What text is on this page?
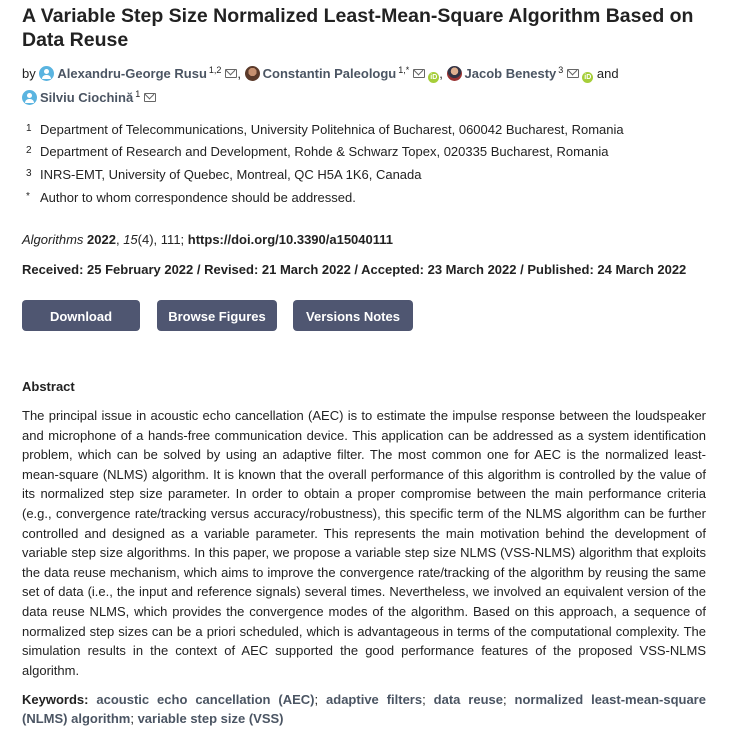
A Variable Step Size Normalized Least-Mean-Square Algorithm Based on Data Reuse
by Alexandru-George Rusu $^{1,2}$ , Constantin Paleologu $^{1,*}$iD , Jacob Benesty $^3$iD and
Silviu Ciochină $^1$
1 Department of Telecommunications, University Politehnica of Bucharest, 060042 Bucharest, Romania
2 Department of Research and Development, Rohde & Schwarz Topex, 020335 Bucharest, Romania
3 INRS-EMT, University of Quebec, Montreal, QC H5A 1K6, Canada
* Author to whom correspondence should be addressed.
Algorithms 2022, 15(4), 111; https://doi.org/10.3390/a15040111
Received: 25 February 2022 / Revised: 21 March 2022 / Accepted: 23 March 2022 / Published: 24 March 2022
Download	Browse Figures	Versions Notes
Abstract
The principal issue in acoustic echo cancellation (AEC) is to estimate the impulse response between the loudspeaker and microphone of a hands-free communication device. This application can be addressed as a system identification problem, which can be solved by using an adaptive filter. The most common one for AEC is the normalized least-mean-square (NLMS) algorithm. It is known that the overall performance of this algorithm is controlled by the value of its normalized step size parameter. In order to obtain a proper compromise between the main performance criteria (e.g., convergence rate/tracking versus accuracy/robustness), this specific term of the NLMS algorithm can be further controlled and designed as a variable parameter. This represents the main motivation behind the development of variable step size algorithms. In this paper, we propose a variable step size NLMS (VSS-NLMS) algorithm that exploits the data reuse mechanism, which aims to improve the convergence rate/tracking of the algorithm by reusing the same set of data (i.e., the input and reference signals) several times. Nevertheless, we involved an equivalent version of the data reuse NLMS, which provides the convergence modes of the algorithm. Based on this approach, a sequence of normalized step sizes can be a priori scheduled, which is advantageous in terms of the computational complexity. The simulation results in the context of AEC supported the good performance features of the proposed VSS-NLMS algorithm.
Keywords: acoustic echo cancellation (AEC); adaptive filters; data reuse; normalized least-mean-square (NLMS) algorithm; variable step size (VSS)
